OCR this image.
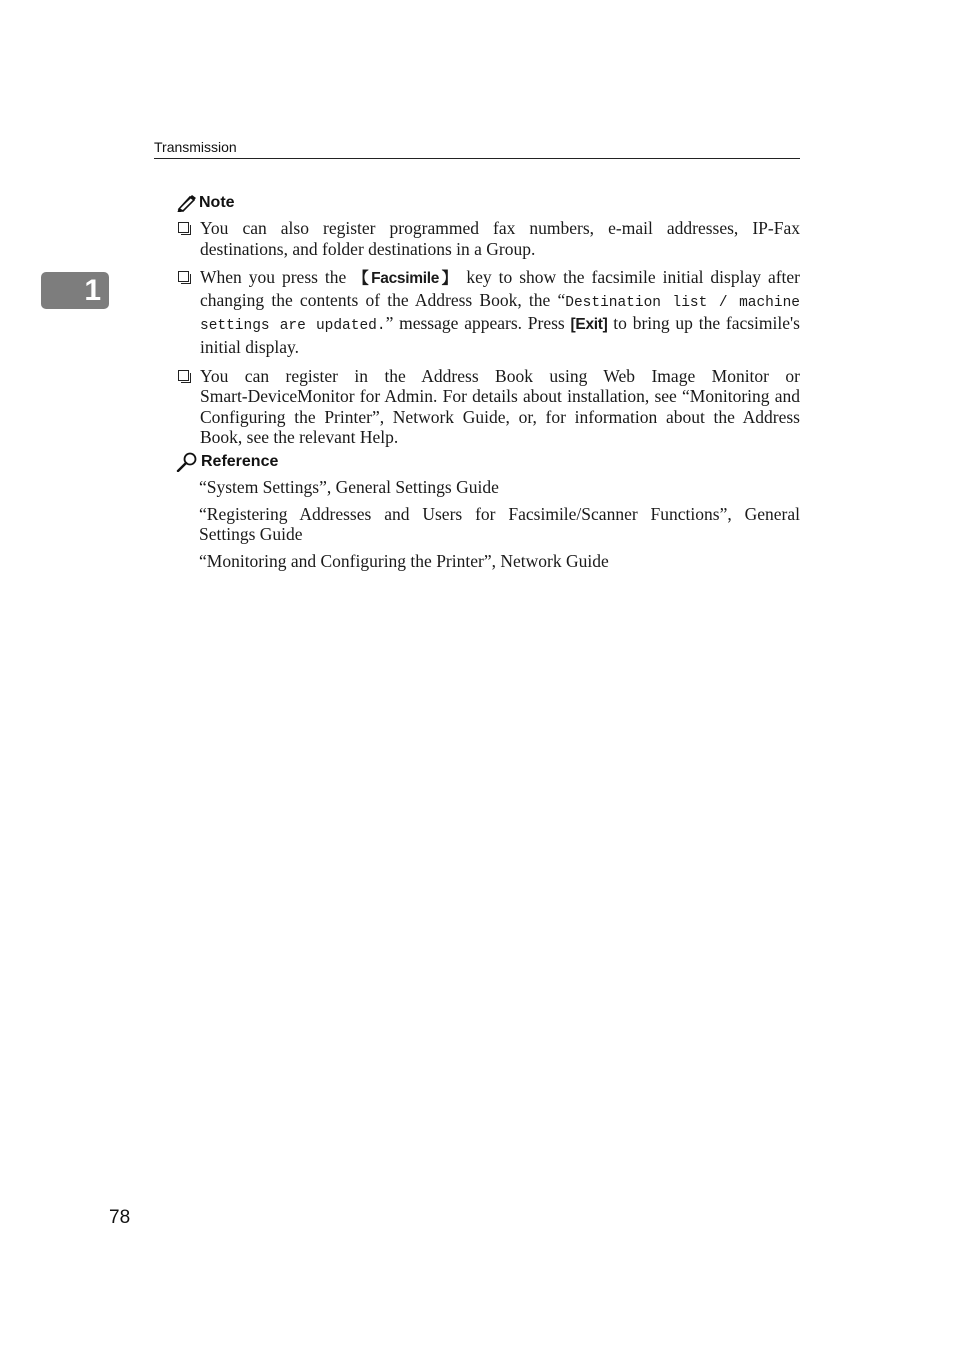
Transmission
1
Note
You can also register programmed fax numbers, e-mail addresses, IP-Fax destinations, and folder destinations in a Group.
When you press the 【Facsimile】 key to show the facsimile initial display after changing the contents of the Address Book, the “Destination list / machine settings are updated.” message appears. Press [Exit] to bring up the facsimile's initial display.
You can register in the Address Book using Web Image Monitor or Smart‑DeviceMonitor for Admin. For details about installation, see “Monitoring and Configuring the Printer”, Network Guide, or, for information about the Address Book, see the relevant Help.
Reference
“System Settings”, General Settings Guide
“Registering Addresses and Users for Facsimile/Scanner Functions”, General Settings Guide
“Monitoring and Configuring the Printer”, Network Guide
78
